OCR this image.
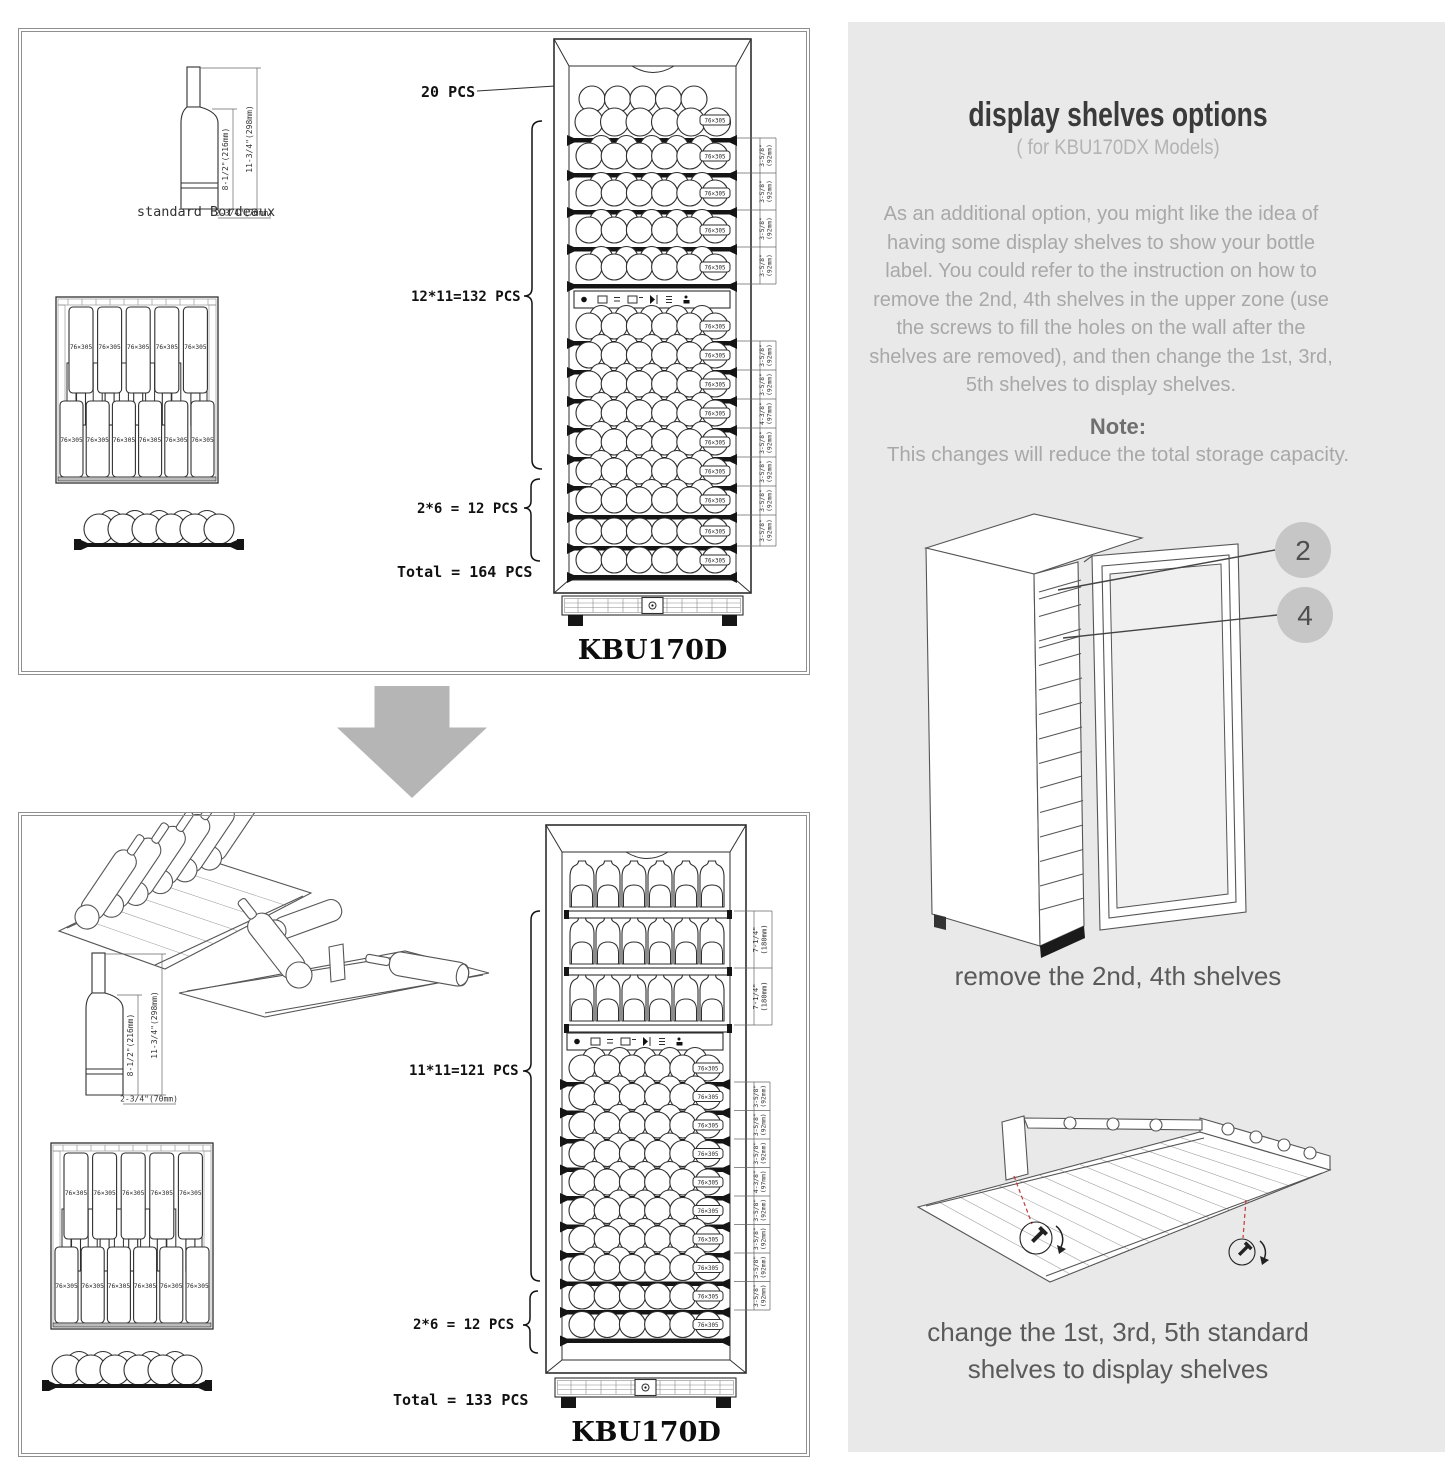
standard Bordeaux
20 PCS
12*11=132 PCS
2*6 = 12 PCS
Total = 164 PCS
76×305
KBU170D
3-5/8" (92mm)
3-5/8" (92mm)
3-5/8" (92mm)
3-5/8" (92mm)
3-5/8" (92mm)
3-5/8" (92mm)
4-3/8" (97mm)
3-5/8" (92mm)
3-5/8" (92mm)
3-5/8" (92mm)
3-5/8" (92mm)
11*11=121 PCS
2*6 = 12 PCS
Total = 133 PCS
KBU170D
7-1/4" (180mm)
7-1/4" (180mm)
3-5/8" (92mm)
3-5/8" (92mm)
3-5/8" (92mm)
4-3/8" (97mm)
3-5/8" (92mm)
3-5/8" (92mm)
3-5/8" (92mm)
3-5/8" (92mm)
display shelves options
( for KBU170DX Models)

As an additional option, you might like the idea of having some display shelves to show your bottle label. You could refer to the instruction on how to remove the 2nd, 4th shelves in the upper zone (use the screws to fill the holes on the wall after the shelves are removed), and then change the 1st, 3rd, 5th shelves to display shelves.

Note:
This changes will reduce the total storage capacity.
2
4
remove the 2nd, 4th shelves
change the 1st, 3rd, 5th standard
shelves to display shelves
